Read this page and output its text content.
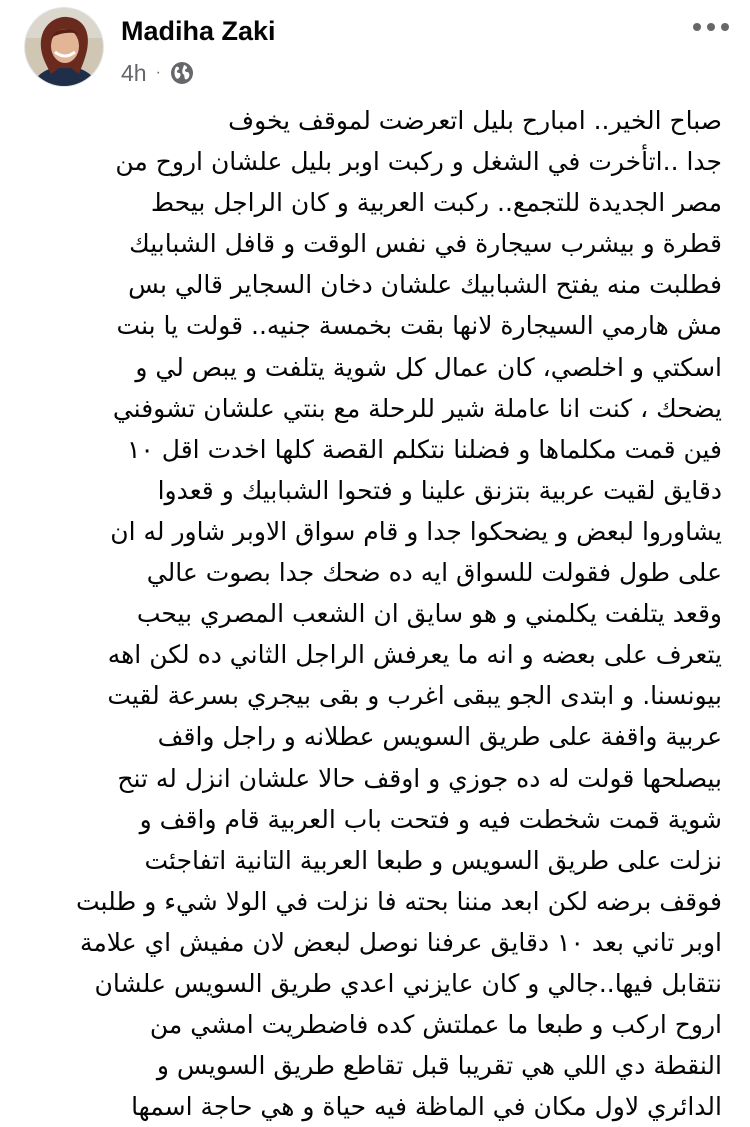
Madiha Zaki
4h ·
صباح الخير.. امبارح بليل اتعرضت لموقف يخوف
جدا ..اتأخرت في الشغل و ركبت اوبر بليل علشان اروح من
مصر الجديدة للتجمع.. ركبت العربية و كان الراجل بيحط
قطرة و بيشرب سيجارة في نفس الوقت و قافل الشبابيك
فطلبت منه يفتح الشبابيك علشان دخان السجاير قالي بس
مش هارمي السيجارة لانها بقت بخمسة جنيه.. قولت يا بنت
اسكتي و اخلصي، كان عمال كل شوية يتلفت و يبص لي و
يضحك ، كنت انا عاملة شير للرحلة مع بنتي علشان تشوفني
فين قمت مكلماها و فضلنا نتكلم القصة كلها اخدت اقل ١٠
دقايق لقيت عربية بتزنق علينا و فتحوا الشبابيك و قعدوا
يشاوروا لبعض و يضحكوا جدا و قام سواق الاوبر شاور له ان
على طول فقولت للسواق ايه ده ضحك جدا بصوت عالي
وقعد يتلفت يكلمني و هو سايق ان الشعب المصري بيحب
يتعرف على بعضه و انه ما يعرفش الراجل الثاني ده لكن اهه
بيونسنا. و ابتدى الجو يبقى اغرب و بقى بيجري بسرعة لقيت
عربية واقفة على طريق السويس عطلانه و راجل واقف
بيصلحها قولت له ده جوزي و اوقف حالا علشان انزل له تنح
شوية قمت شخطت فيه و فتحت باب العربية قام واقف و
نزلت على طريق السويس و طبعا العربية التانية اتفاجئت
فوقف برضه لكن ابعد مننا بحته فا نزلت في الولا شيء و طلبت
اوبر تاني بعد ١٠ دقايق عرفنا نوصل لبعض لان مفيش اي علامة
نتقابل فيها..جالي و كان عايزني اعدي طريق السويس علشان
اروح اركب و طبعا ما عملتش كده فاضطريت امشي من
النقطة دي اللي هي تقريبا قبل تقاطع طريق السويس و
الدائري لاول مكان في الماظة فيه حياة و هي حاجة اسمها
